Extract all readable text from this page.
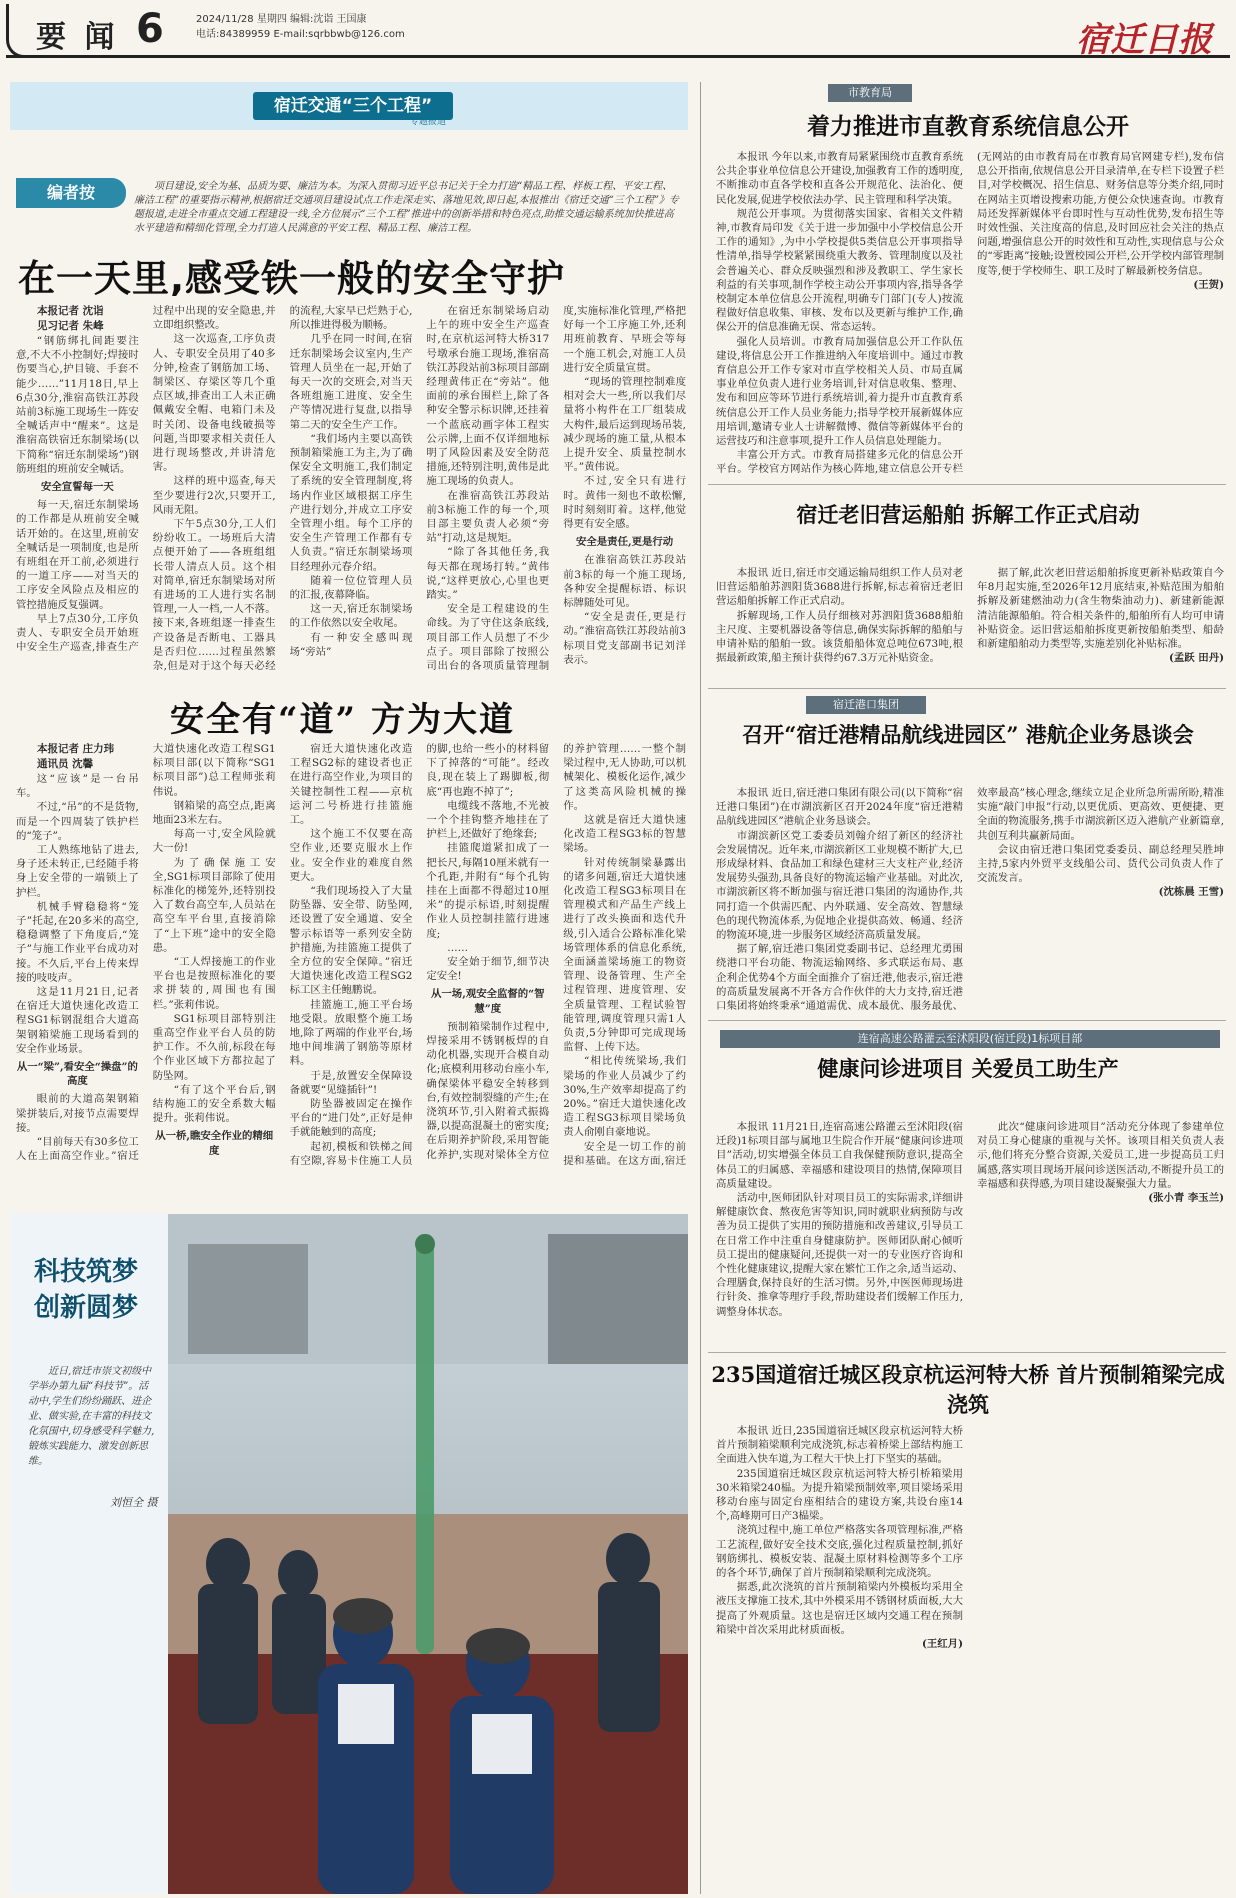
要 闻 6	2024/11/28 星期四 编辑:沈诣 王国康
电话:84389959 E-mail:sqrbbwb@126.com	宿迁日报
宿迁交通“三个工程”
专题报道
编者按	项目建设,安全为基、品质为要、廉洁为本。为深入贯彻习近平总书记关于全力打造“精品工程、样板工程、平安工程、廉洁工程”的重要指示精神,根据宿迁交通项目建设试点工作走深走实、落地见效,即日起,本报推出《宿迁交通“三个工程”》专题报道,走进全市重点交通工程建设一线,全方位展示“三个工程”推进中的创新举措和特色亮点,助推交通运输系统加快推进高水平建造和精细化管理,全力打造人民满意的平安工程、精品工程、廉洁工程。
在一天里,感受铁一般的安全守护
本报记者 沈诣
见习记者 朱峰
“钢筋绑扎间距要注意,不大不小控制好;焊接时伤要当心,护目镜、手套不能少……”11月18日,早上6点30分,淮宿高铁江苏段站前3标施工现场生一阵安全喊话声中“醒来”。这是淮宿高铁宿迁东制梁场(以下简称“宿迁东制梁场”)钢筋班组的班前安全喊话。
安全宣誓每一天
每一天,宿迁东制梁场的工作都是从班前安全喊话开始的。在这里,班前安全喊话是一项制度,也是所有班组在开工前,必须进行的一道工序——对当天的工序安全风险点及相应的管控措施反复强调。
早上7点30分,工序负责人、专职安全员开始班中安全生产巡查,排查生产过程中出现的安全隐患,并立即组织整改。
这一次巡查,工序负责人、专职安全员用了40多分钟,检查了钢筋加工场、制梁区、存梁区等几个重点区域,排查出工人未正确佩戴安全帽、电箱门未及时关闭、设备电线破损等问题,当即要求相关责任人进行现场整改,并讲清危害。
这样的班中巡查,每天至少要进行2次,只要开工,风雨无阻。
下午5点30分,工人们纷纷收工。一场班后大清点便开始了——各班组组长带人清点人员。这个相对简单,宿迁东制梁场对所有进场的工人进行实名制管理,一人一档,一人不落。接下来,各班组逐一排查生产设备是否断电、工器具是否归位……过程虽然繁杂,但是对于这个每天必经的流程,大家早已烂熟于心,所以推进得极为顺畅。
几乎在同一时间,在宿迁东制梁场会议室内,生产管理人员坐在一起,开始了每天一次的交班会,对当天各班组施工进度、安全生产等情况进行复盘,以指导第二天的安全生产工作。
“我们场内主要以高铁预制箱梁施工为主,为了确保安全文明施工,我们制定了系统的安全管理制度,将场内作业区域根据工序生产进行划分,并成立工序安全管理小组。每个工序的安全生产管理工作都有专人负责。”宿迁东制梁场项目经理孙元春介绍。
随着一位位管理人员的汇报,夜幕降临。
这一天,宿迁东制梁场的工作依然以安全收尾。
有一种安全感叫现场“旁站”
在宿迁东制梁场启动上午的班中安全生产巡查时,在京杭运河特大桥317号墩承台施工现场,淮宿高铁江苏段站前3标项目部副经理黄伟正在“旁站”。他面前的承台围栏上,除了各种安全警示标识牌,还挂着一个蓝底动画字体工程实公示牌,上面不仅详细地标明了风险因素及安全防范措施,还特别注明,黄伟是此施工现场的负责人。
在淮宿高铁江苏段站前3标施工作的每一个,项目部主要负责人必须“旁站”打动,这是规矩。
“除了各其他任务,我每天都在现场打转。”黄伟说,“这样更放心,心里也更踏实。”
安全是工程建设的生命线。为了守住这条底线,项目部工作人员想了不少点子。项目部除了按照公司出台的各项质量管理制度,实施标准化管理,严格把好每一个工序施工外,还利用班前教育、早班会等每一个施工机会,对施工人员进行安全质量宣贯。
“现场的管理控制难度相对会大一些,所以我们尽量将小构件在工厂组装成大构件,最后运到现场吊装,减少现场的施工量,从根本上提升安全、质量控制水平。”黄伟说。
不过,安全只有进行时。黄伟一刻也不敢松懈,时时刻刻盯着。这样,他觉得更有安全感。
安全是责任,更是行动
在淮宿高铁江苏段站前3标的每一个施工现场,各种安全提醒标语、标识标牌随处可见。
“安全是责任,更是行动。”淮宿高铁江苏段站前3标项目党支部副书记刘洋表示。
安全有“道” 方为大道
本报记者 庄力玮
通讯员 沈馨
这“应该”是一台吊车。
不过,“吊”的不是货物,而是一个四周装了铁护栏的“笼子”。
工人熟练地钻了进去,身子还未转正,已经随手将身上安全带的一端锁上了护栏。
机械手臂稳稳将“笼子”托起,在20多米的高空,稳稳调整了下角度后,“笼子”与施工作业平台成功对接。不久后,平台上传来焊接的吱吱声。
这是11月21日,记者在宿迁大道快速化改造工程SG1标钢混组合大道高架钢箱梁施工现场看到的安全作业场景。
从一“梁”,看安全“操盘”的高度
眼前的大道高架钢箱梁拼装后,对接节点需要焊接。
“目前每天有30多位工人在上面高空作业。”宿迁大道快速化改造工程SG1标项目部(以下简称“SG1标项目部”)总工程师张莉伟说。
钢箱梁的高空点,距离地面23米左右。
每高一寸,安全风险就大一份!
为了确保施工安全,SG1标项目部除了使用标准化的梯笼外,还特别投入了数台高空车,人员站在高空车平台里,直接消除了“上下班”途中的安全隐患。
“工人焊接施工的作业平台也是按照标准化的要求拼装的,周围也有围栏。”张莉伟说。
SG1标项目部特别注重高空作业平台人员的防护工作。不久前,标段在每个作业区域下方都拉起了防坠网。
“有了这个平台后,钢结构施工的安全系数大幅提升。张莉伟说。
从一桥,瞧安全作业的精细度
宿迁大道快速化改造工程SG2标的建设者也正在进行高空作业,为项目的关键控制性工程——京杭运河二号桥进行挂篮施工。
这个施工不仅要在高空作业,还要克服水上作业。安全作业的难度自然更大。
“我们现场投入了大量防坠器、安全带、防坠网,还设置了安全通道、安全警示标语等一系列安全防护措施,为挂篮施工提供了全方位的安全保障。”宿迁大道快速化改造工程SG2标工区主任鲍鹏说。
挂篮施工,施工平台场地受限。放眼整个施工场地,除了两端的作业平台,场地中间堆满了钢筋等原材料。
于是,放置安全保障设备就要“见缝插针”!
防坠器被固定在操作平台的“进门处”,正好是伸手就能触到的高度;
起初,模板和铁梯之间有空隙,容易卡住施工人员的脚,也给一些小的材料留下了掉落的“可能”。经改良,现在装上了踢脚板,彻底“再也跑不掉了”;
电缆线不落地,不光被一个个挂钩整齐地挂在了护栏上,还做好了绝缘套;
挂篮爬道紧扣成了一把长尺,每隔10厘米就有一个孔距,并附有“每个孔钩挂在上面都不得超过10厘米”的提示标语,时刻提醒作业人员控制挂篮行进速度;
……
安全始于细节,细节决定安全!
从一场,观安全监督的“智慧”度
预制箱梁制作过程中,焊接采用不锈钢板焊的自动化机器,实现开合模自动化;底模利用移动台座小车,确保梁体平稳安全转移到台,有效控制裂缝的产生;在浇筑环节,引入附着式振捣器,以提高混凝土的密实度;在后期养护阶段,采用智能化养护,实现对梁体全方位的养护管理……一整个制梁过程中,无人协助,可以机械架化、模板化运作,减少了这类高风险机械的操作。
这就是宿迁大道快速化改造工程SG3标的智慧梁场。
针对传统制梁暴露出的诸多问题,宿迁大道快速化改造工程SG3标项目在管理模式和产品生产线上进行了改头换面和迭代升级,引入适合公路标准化梁场管理体系的信息化系统,全面涵盖梁场施工的物资管理、设备管理、生产全过程管理、进度管理、安全质量管理、工程试验智能管理,调度管理只需1人负责,5分钟即可完成现场监督、上传下达。
“相比传统梁场,我们梁场的作业人员减少了约30%,生产效率却提高了约20%。”宿迁大道快速化改造工程SG3标项目梁场负责人俞刚自豪地说。
安全是一切工作的前提和基础。在这方面,宿迁
科技筑梦 创新圆梦
近日,宿迁市崇文初级中学举办第九届“科技节”。活动中,学生们纷纷踊跃、进企业、做实验,在丰富的科技文化氛围中,切身感受科学魅力,锻炼实践能力、激发创新思维。
刘恒全 摄
市教育局
着力推进市直教育系统信息公开
本报讯 今年以来,市教育局紧紧围绕市直教育系统公共企事业单位信息公开建设,加强教育工作的透明度,不断推动市直各学校和直各公开规范化、法治化、便民化发展,促进学校依法办学、民主管理和科学决策。
规范公开事项。为贯彻落实国家、省相关文件精神,市教育局印发《关于进一步加强中小学校信息公开工作的通知》,为中小学校提供5类信息公开事项指导性清单,指导学校紧紧围绕重大教务、管理制度以及社会普遍关心、群众反映强烈和涉及教职工、学生家长利益的有关事项,制作学校主动公开事项内容,指导各学校制定本单位信息公开流程,明确专门部门(专人)按流程做好信息收集、审核、发布以及更新与维护工作,确保公开的信息准确无误、常态运转。
强化人员培训。市教育局加强信息公开工作队伍建设,将信息公开工作推进纳入年度培训中。通过市教育信息公开工作专家对市直学校相关人员、市局直属事业单位负责人进行业务培训,针对信息收集、整理、发布和回应等环节进行系统培训,着力提升市直教育系统信息公开工作人员业务能力;指导学校开展新媒体应用培训,邀请专业人士讲解微博、微信等新媒体平台的运营技巧和注意事项,提升工作人员信息处理能力。
丰富公开方式。市教育局搭建多元化的信息公开平台。学校官方网站作为核心阵地,建立信息公开专栏(无网站的由市教育局在市教育局官网建专栏),发布信息公开指南,依规信息公开目录清单,在专栏下设置子栏目,对学校概况、招生信息、财务信息等分类介绍,同时在网站主页增设搜索功能,方便公众快速查询。市教育局还发挥新媒体平台即时性与互动性优势,发布招生等时效性强、关注度高的信息,及时回应社会关注的热点问题,增强信息公开的时效性和互动性,实现信息与公众的“零距离”接触;设置校园公开栏,公开学校内部管理制度等,便于学校师生、职工及时了解最新校务信息。
(王贺)
宿迁老旧营运船舶 拆解工作正式启动
本报讯 近日,宿迁市交通运输局组织工作人员对老旧营运船舶苏泗阳货3688进行拆解,标志着宿迁老旧营运船舶拆解工作正式启动。
拆解现场,工作人员仔细核对苏泗阳货3688船舶主尺度、主要机器设备等信息,确保实际拆解的船舶与申请补贴的船舶一致。该货船船体宽总吨位673吨,根据最新政策,船主预计获得约67.3万元补贴资金。
据了解,此次老旧营运船舶拆度更新补贴政策自今年8月起实施,至2026年12月底结束,补贴范围为船舶拆解及新建燃油动力(含生物柴油动力)、新建新能源清洁能源船舶。符合相关条件的,船舶所有人均可申请补贴资金。运旧营运船舶拆度更新按船舶类型、船龄和新建船舶动力类型等,实施差别化补贴标准。
(孟跃 田丹)
宿迁港口集团
召开“宿迁港精品航线进园区” 港航企业务恳谈会
本报讯 近日,宿迁港口集团有限公司(以下简称“宿迁港口集团”)在市湖滨新区召开2024年度“宿迁港精品航线进园区”港航企业务恳谈会。
市湖滨新区党工委委员刘翰介绍了新区的经济社会发展情况。近年来,市湖滨新区工业规模不断扩大,已形成绿材料、食品加工和绿色建材三大支柱产业,经济发展势头强劲,具备良好的物流运输产业基础。对此次,市湖滨新区将不断加强与宿迁港口集团的沟通协作,共同打造一个供需匹配、内外联通、安全高效、智慧绿色的现代物流体系,为促地企业提供高效、畅通、经济的物流环境,进一步服务区域经济高质量发展。
据了解,宿迁港口集团党委副书记、总经理尤勇围绕港口平台功能、物流运输网络、多式联运布局、惠企利企优势4个方面全面推介了宿迁港,他表示,宿迁港的高质量发展离不开各方合作伙伴的大力支持,宿迁港口集团将始终秉承“通道需优、成本最优、服务最优、效率最高”核心理念,继续立足企业所急所需所盼,精准实施“敲门申报”行动,以更优质、更高效、更便捷、更全面的物流服务,携手市湖滨新区迈入港航产业新篇章,共创互利共赢新局面。
会议由宿迁港口集团党委委员、副总经理吴胜坤主持,5家内外贸平支线船公司、货代公司负责人作了交流发言。
(沈栋晨 王雪)
连宿高速公路灌云至沭阳段(宿迁段)1标项目部
健康问诊进项目 关爱员工助生产
本报讯 11月21日,连宿高速公路灌云至沭阳段(宿迁段)1标项目部与属地卫生院合作开展“健康问诊进项目”活动,切实增强全体员工自我保健预防意识,提高全体员工的归属感、幸福感和建设项目的热情,保障项目高质量建设。
活动中,医师团队针对项目员工的实际需求,详细讲解健康饮食、熬夜危害等知识,同时就职业病预防与改善为员工提供了实用的预防措施和改善建议,引导员工在日常工作中注重自身健康防护。医师团队耐心倾听员工提出的健康疑问,还提供一对一的专业医疗咨询和个性化健康建议,提醒大家在繁忙工作之余,适当运动、合理膳食,保持良好的生活习惯。另外,中医医师现场进行针灸、推拿等理疗手段,帮助建设者们缓解工作压力,调整身体状态。
此次“健康问诊进项目”活动充分体现了参建单位对员工身心健康的重视与关怀。该项目相关负责人表示,他们将充分整合资源,关爱员工,进一步提高员工归属感,落实项目现场开展问诊送医活动,不断提升员工的幸福感和获得感,为项目建设凝聚强大力量。
(张小青 李玉兰)
235国道宿迁城区段京杭运河特大桥 首片预制箱梁完成浇筑
本报讯 近日,235国道宿迁城区段京杭运河特大桥首片预制箱梁顺利完成浇筑,标志着桥梁上部结构施工全面进入快车道,为工程大干快上打下坚实的基础。
235国道宿迁城区段京杭运河特大桥引桥箱梁用30米箱梁240榀。为提升箱梁预制效率,项目梁场采用移动台座与固定台座相结合的建设方案,共设台座14个,高峰期可日产3榀梁。
浇筑过程中,施工单位严格落实各项管理标准,严格工艺流程,做好安全技术交底,强化过程质量控制,抓好钢筋绑扎、模板安装、混凝土原材料检测等多个工序的各个环节,确保了首片预制箱梁顺利完成浇筑。
据悉,此次浇筑的首片预制箱梁内外模板均采用全液压支撑施工技术,其中外模采用不锈钢材质面板,大大提高了外观质量。这也是宿迁区域内交通工程在预制箱梁中首次采用此材质面板。
(王红月)
